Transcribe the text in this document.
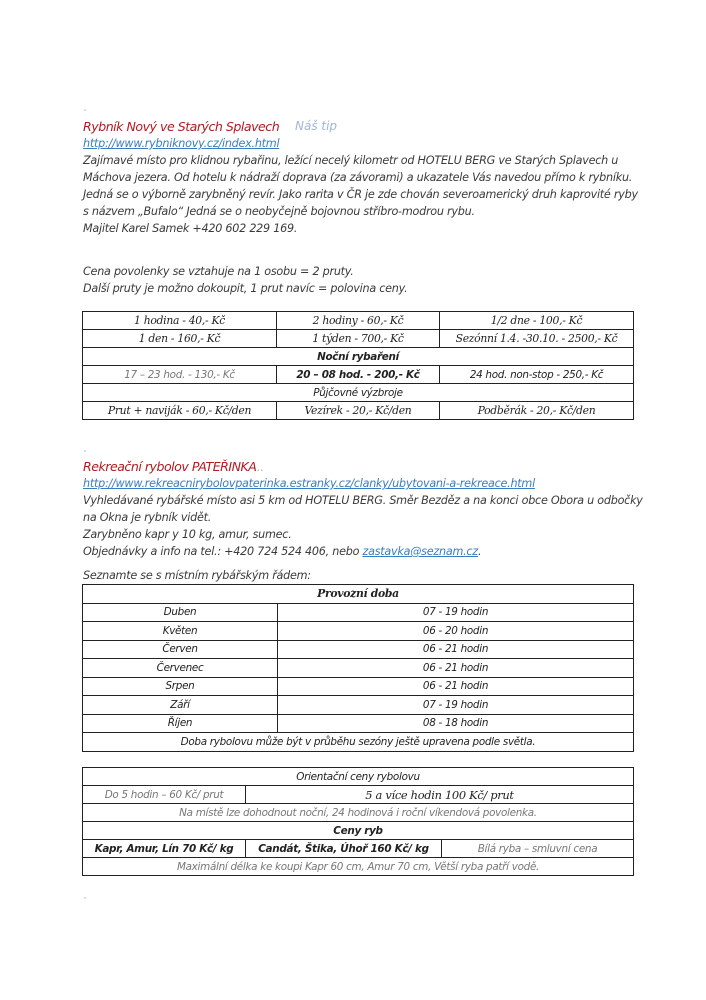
Rybník Nový ve Starých Splavech Náš tip
http://www.rybniknovy.cz/index.html
Zajímavé místo pro klidnou rybařinu, ležící necelý kilometr od HOTELU BERG ve Starých Splavech u
Máchova jezera. Od hotelu k nádraží doprava (za závorami) a ukazatele Vás navedou přímo k rybníku.
Jedná se o výborně zarybněný revír. Jako rarita v ČR je zde chován severoamerický druh kaprovité ryby
s názvem „Bufalo“ Jedná se o neobyčejně bojovnou stříbro-modrou rybu.
Majitel Karel Samek +420 602 229 169.
Cena povolenky se vztahuje na 1 osobu = 2 pruty.
Další pruty je možno dokoupit, 1 prut navíc = polovina ceny.
1 hodina - 40,- Kč	2 hodiny - 60,- Kč	1/2 dne - 100,- Kč
1 den - 160,- Kč	1 týden - 700,- Kč	Sezónní 1.4. -30.10. - 2500,- Kč
Noční rybaření		
17 – 23 hod. - 130,- Kč	20 – 08 hod. - 200,- Kč	24 hod. non-stop - 250,- Kč
Půjčovné výzbroje		
Prut + naviják - 60,- Kč/den	Vezírek - 20,- Kč/den	Podběrák - 20,- Kč/den
Rekreační rybolov PATEŘINKA..
http://www.rekreacnirybolovpaterinka.estranky.cz/clanky/ubytovani-a-rekreace.html
Vyhledávané rybářské místo asi 5 km od HOTELU BERG. Směr Bezděz a na konci obce Obora u odbočky
na Okna je rybník vidět.
Zarybněno kapr y 10 kg, amur, sumec.
Objednávky a info na tel.: +420 724 524 406, nebo zastavka@seznam.cz.
Seznamte se s místním rybářským řádem:
Provozní doba	
Duben	07 - 19 hodin
Květen	06 - 20 hodin
Červen	06 - 21 hodin
Červenec	06 - 21 hodin
Srpen	06 - 21 hodin
Září	07 - 19 hodin
Říjen	08 - 18 hodin
Doba rybolovu může být v průběhu sezóny ještě upravena podle světla.	
Orientační ceny rybolovu		
Do 5 hodin – 60 Kč/ prut	5 a více hodin 100 Kč/ prut	
Na místě lze dohodnout noční, 24 hodinová i roční víkendová povolenka.		
Ceny ryb		
Kapr, Amur, Lín 70 Kč/ kg	Candát, Štika, Úhoř 160 Kč/ kg	Bílá ryba – smluvní cena
Maximální délka ke koupi Kapr 60 cm, Amur 70 cm, Větší ryba patří vodě.		
